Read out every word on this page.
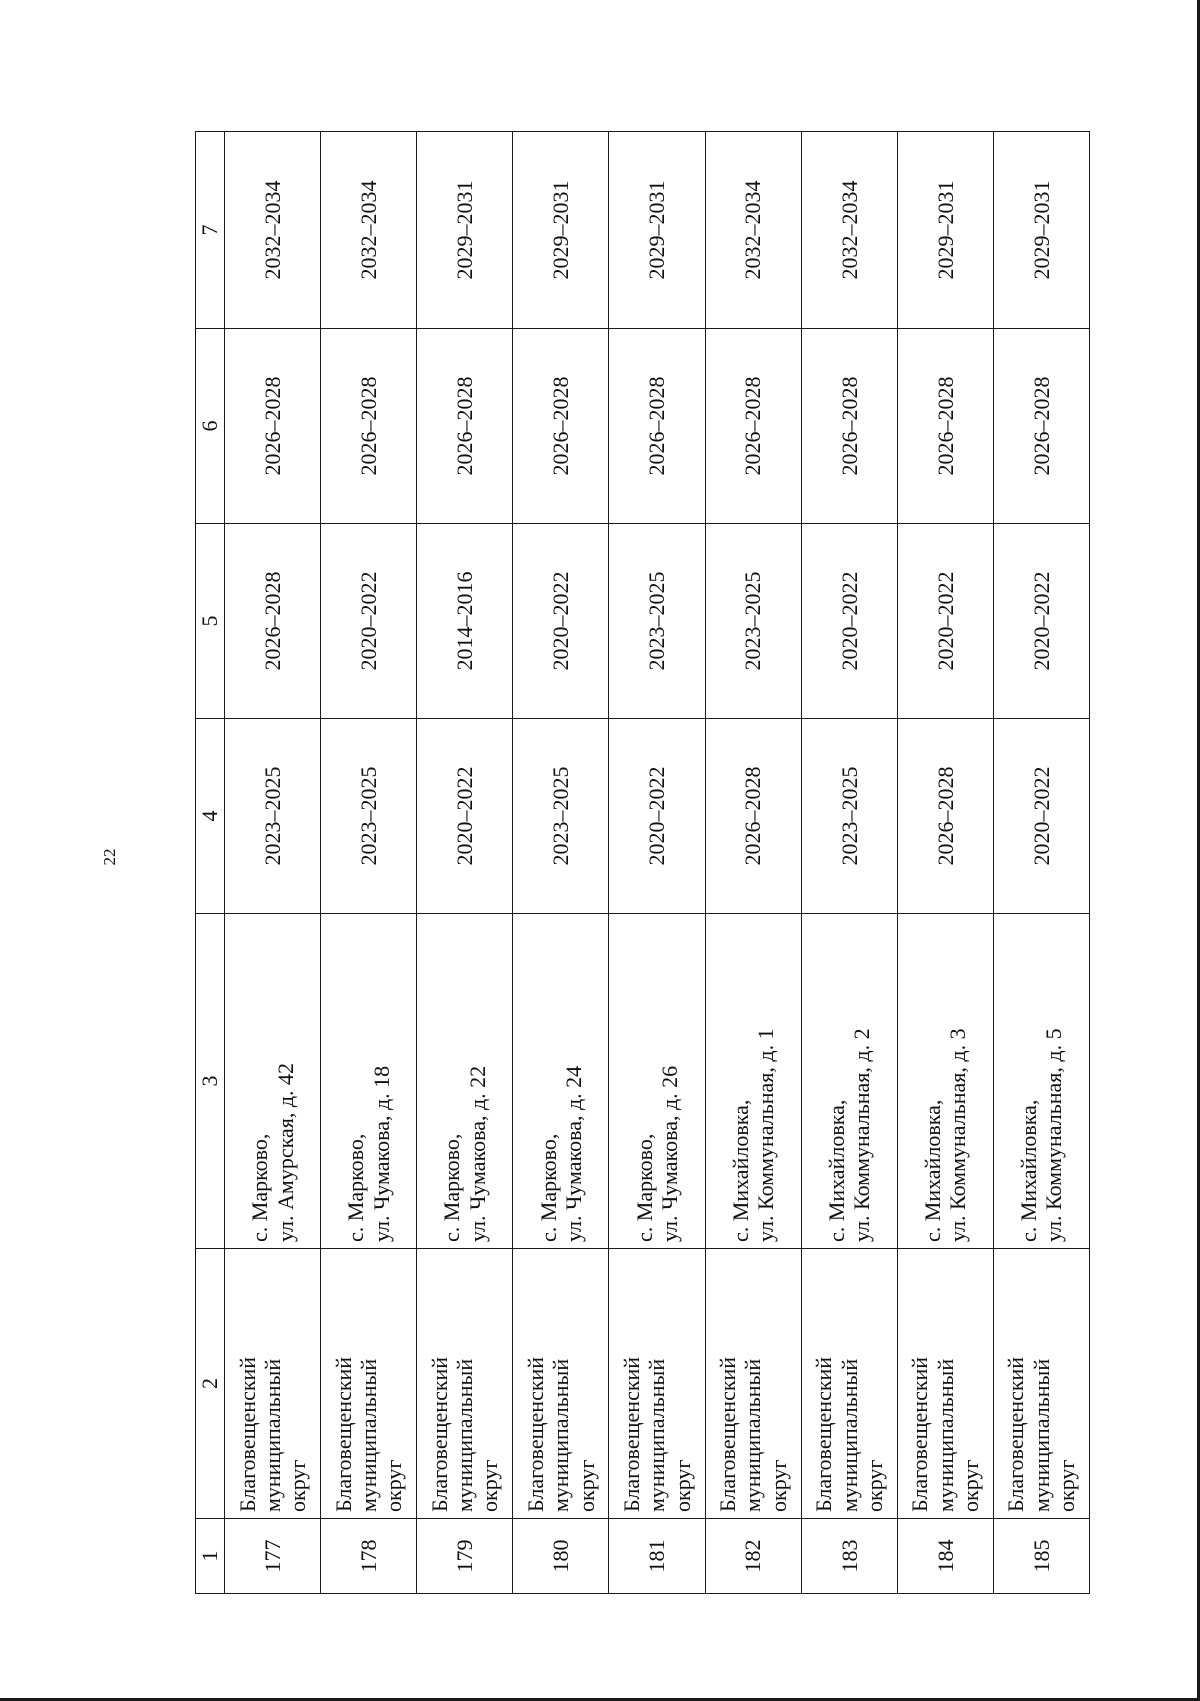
22
1	2	3	4	5	6	7
177	Благовещенский муниципальный округ	с. Марково, ул. Амурская, д. 42	2023–2025	2026–2028	2026–2028	2032–2034
178	Благовещенский муниципальный округ	с. Марково, ул. Чумакова, д. 18	2023–2025	2020–2022	2026–2028	2032–2034
179	Благовещенский муниципальный округ	с. Марково, ул. Чумакова, д. 22	2020–2022	2014–2016	2026–2028	2029–2031
180	Благовещенский муниципальный округ	с. Марково, ул. Чумакова, д. 24	2023–2025	2020–2022	2026–2028	2029–2031
181	Благовещенский муниципальный округ	с. Марково, ул. Чумакова, д. 26	2020–2022	2023–2025	2026–2028	2029–2031
182	Благовещенский муниципальный округ	с. Михайловка, ул. Коммунальная, д. 1	2026–2028	2023–2025	2026–2028	2032–2034
183	Благовещенский муниципальный округ	с. Михайловка, ул. Коммунальная, д. 2	2023–2025	2020–2022	2026–2028	2032–2034
184	Благовещенский муниципальный округ	с. Михайловка, ул. Коммунальная, д. 3	2026–2028	2020–2022	2026–2028	2029–2031
185	Благовещенский муниципальный округ	с. Михайловка, ул. Коммунальная, д. 5	2020–2022	2020–2022	2026–2028	2029–2031
